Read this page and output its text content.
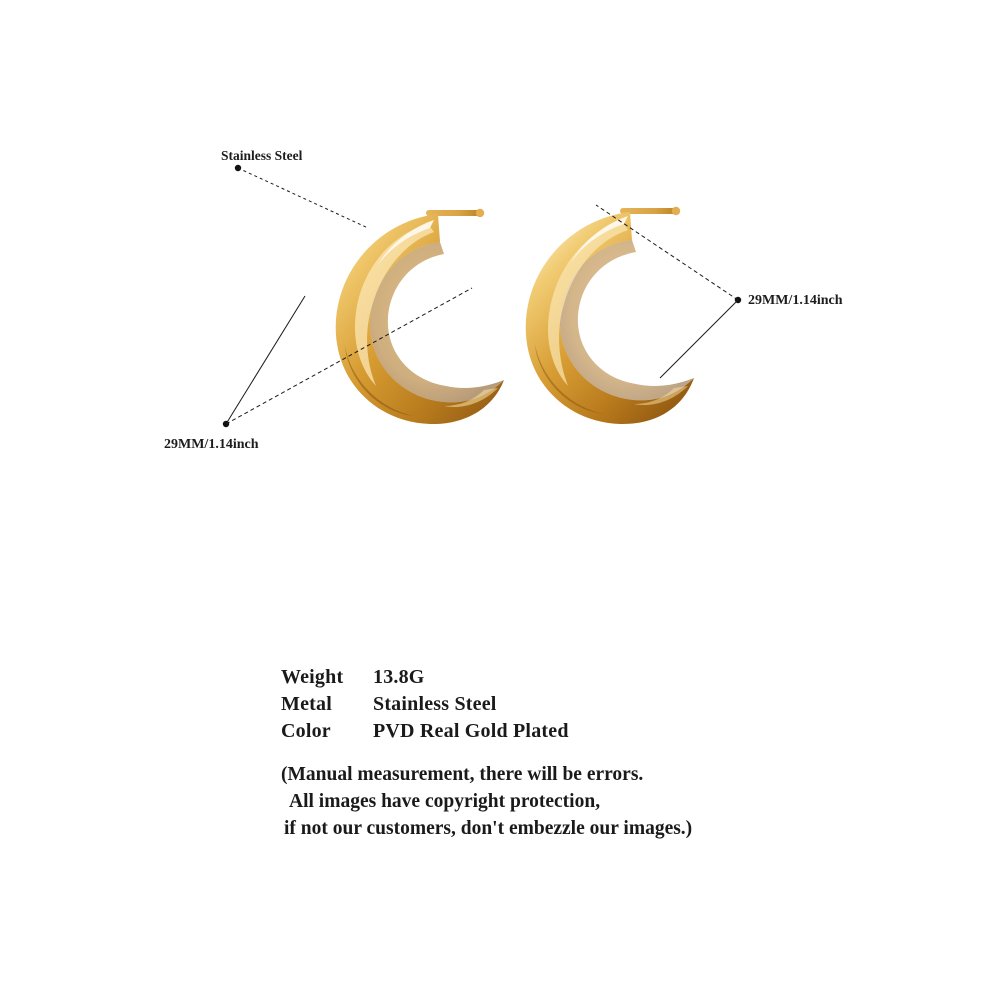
Stainless Steel
29MM/1.14inch
29MM/1.14inch
Weight	13.8G
Metal	Stainless Steel
Color	PVD Real Gold Plated
(Manual measurement, there will be errors.
All images have copyright protection,
if not our customers, don't embezzle our images.)
